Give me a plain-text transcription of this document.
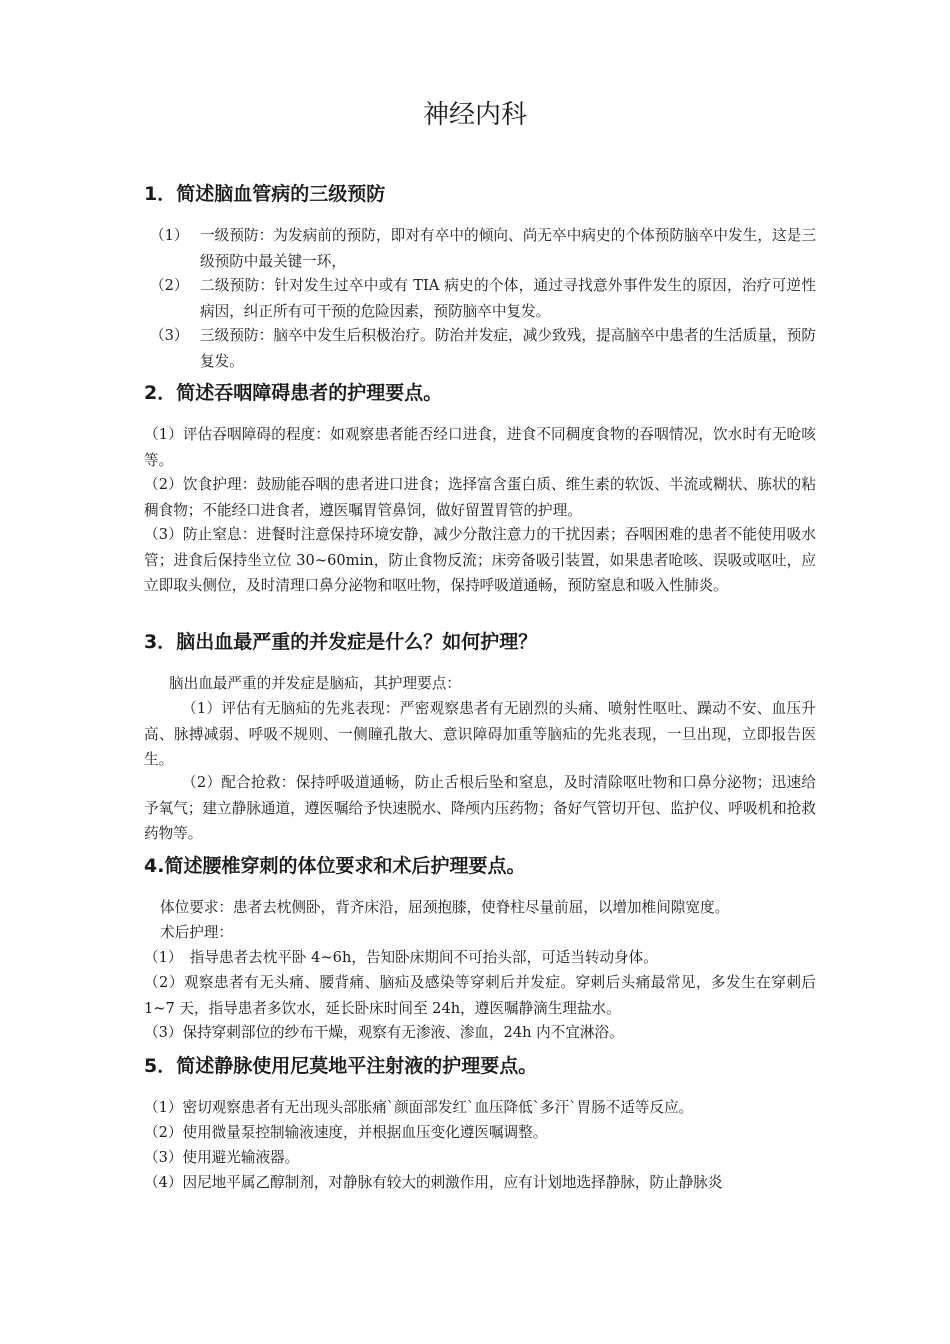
神经内科
1．简述脑血管病的三级预防
（1） 一级预防：为发病前的预防，即对有卒中的倾向、尚无卒中病史的个体预防脑卒中发生，这是三级预防中最关键一环，
（2） 二级预防：针对发生过卒中或有 TIA 病史的个体，通过寻找意外事件发生的原因，治疗可逆性病因，纠正所有可干预的危险因素，预防脑卒中复发。
（3） 三级预防：脑卒中发生后积极治疗。防治并发症，减少致残，提高脑卒中患者的生活质量，预防复发。
2．简述吞咽障碍患者的护理要点。
（1）评估吞咽障碍的程度：如观察患者能否经口进食，进食不同稠度食物的吞咽情况，饮水时有无呛咳等。
（2）饮食护理：鼓励能吞咽的患者进口进食；选择富含蛋白质、维生素的软饭、半流或糊状、胨状的粘稠食物；不能经口进食者，遵医嘱胃管鼻饲，做好留置胃管的护理。
（3）防止窒息：进餐时注意保持环境安静，减少分散注意力的干扰因素；吞咽困难的患者不能使用吸水管；进食后保持坐立位 30~60min，防止食物反流；床旁备吸引装置，如果患者呛咳、误吸或呕吐，应立即取头侧位，及时清理口鼻分泌物和呕吐物，保持呼吸道通畅，预防窒息和吸入性肺炎。
3．脑出血最严重的并发症是什么？如何护理？
脑出血最严重的并发症是脑疝，其护理要点：
（1）评估有无脑疝的先兆表现：严密观察患者有无剧烈的头痛、喷射性呕吐、躁动不安、血压升高、脉搏减弱、呼吸不规则、一侧瞳孔散大、意识障碍加重等脑疝的先兆表现，一旦出现，立即报告医生。
（2）配合抢救：保持呼吸道通畅，防止舌根后坠和窒息，及时清除呕吐物和口鼻分泌物；迅速给予氧气；建立静脉通道，遵医嘱给予快速脱水、降颅内压药物；备好气管切开包、监护仪、呼吸机和抢救药物等。
4.简述腰椎穿刺的体位要求和术后护理要点。
体位要求：患者去枕侧卧，背齐床沿，屈颈抱膝，使脊柱尽量前屈，以增加椎间隙宽度。
术后护理：
（1）　指导患者去枕平卧 4~6h，告知卧床期间不可抬头部，可适当转动身体。
（2）观察患者有无头痛、腰背痛、脑疝及感染等穿刺后并发症。穿刺后头痛最常见，多发生在穿刺后 1~7 天，指导患者多饮水，延长卧床时间至 24h，遵医嘱静滴生理盐水。
（3）保持穿刺部位的纱布干燥，观察有无渗液、渗血，24h 内不宜淋浴。
5．简述静脉使用尼莫地平注射液的护理要点。
（1）密切观察患者有无出现头部胀痛`颜面部发红`血压降低`多汗`胃肠不适等反应。
（2）使用微量泵控制输液速度，并根据血压变化遵医嘱调整。
（3）使用避光输液器。
（4）因尼地平属乙醇制剂，对静脉有较大的刺激作用，应有计划地选择静脉，防止静脉炎
